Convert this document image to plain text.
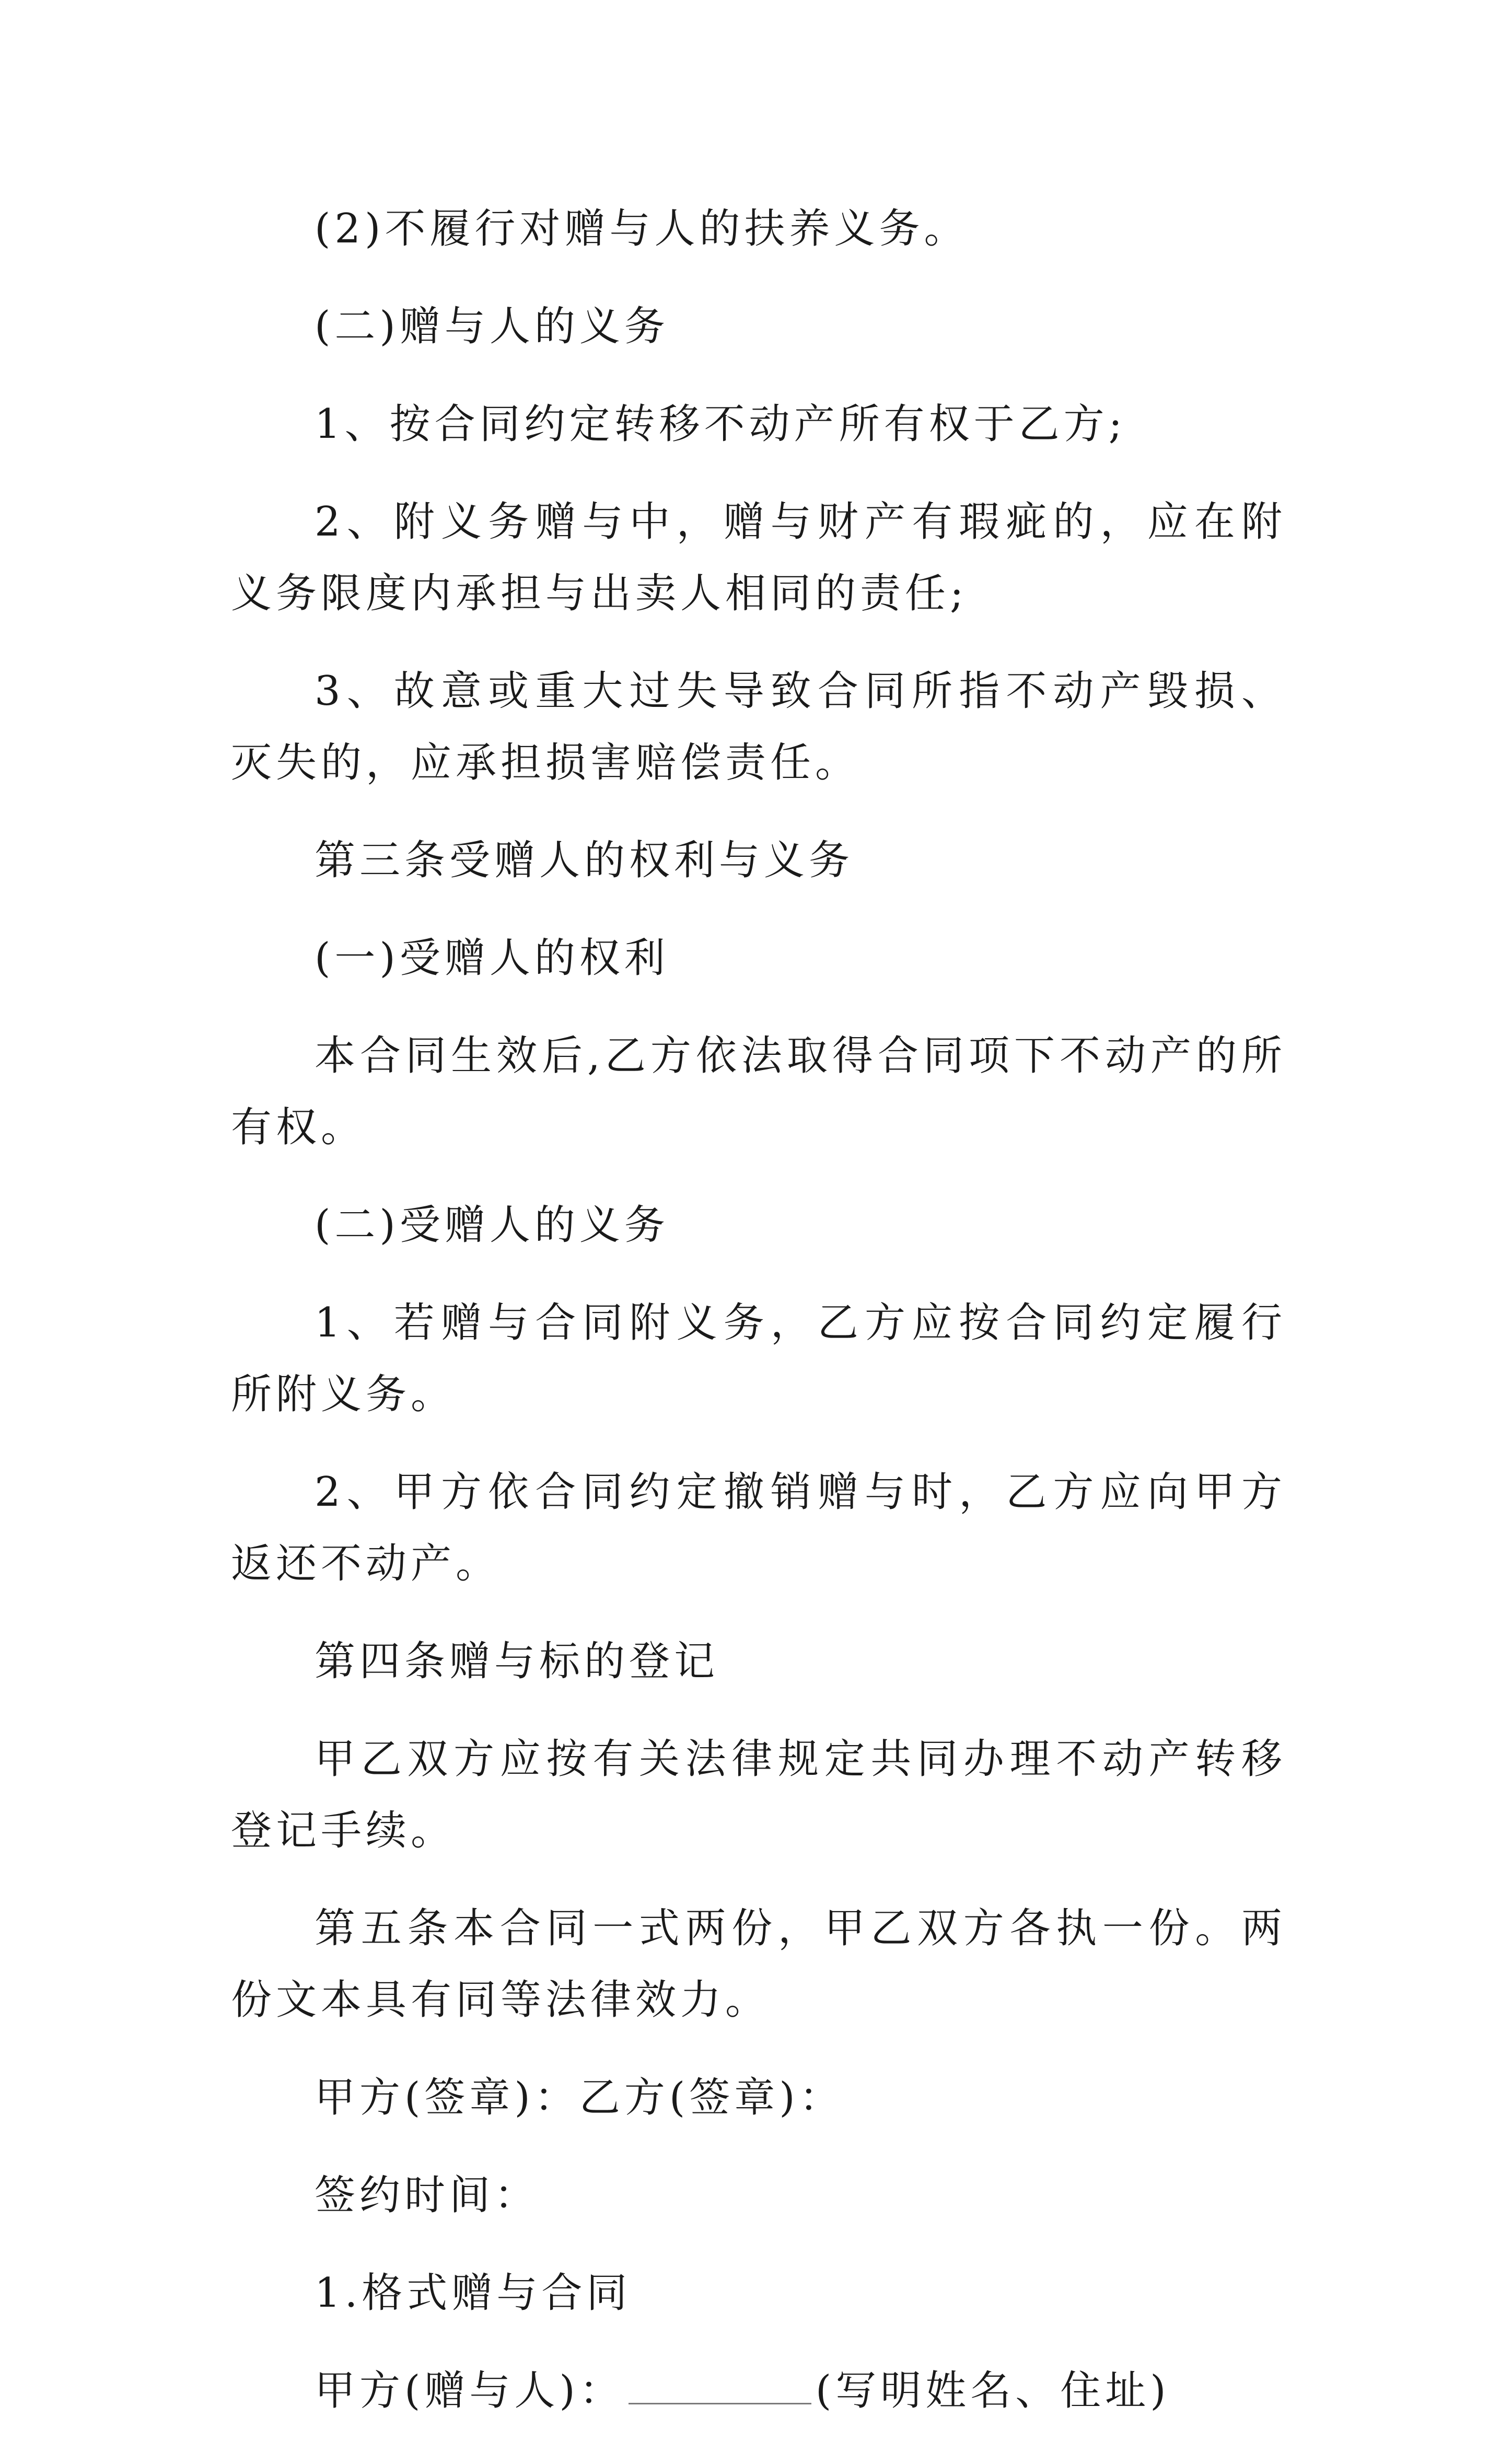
(2)不履行对赠与人的扶养义务。

(二)赠与人的义务

1、按合同约定转移不动产所有权于乙方;

2、附义务赠与中，赠与财产有瑕疵的，应在附义务限度内承担与出卖人相同的责任;

3、故意或重大过失导致合同所指不动产毁损、灭失的，应承担损害赔偿责任。

第三条受赠人的权利与义务

(一)受赠人的权利

本合同生效后,乙方依法取得合同项下不动产的所有权。

(二)受赠人的义务

1、若赠与合同附义务，乙方应按合同约定履行所附义务。

2、甲方依合同约定撤销赠与时，乙方应向甲方返还不动产。

第四条赠与标的登记

甲乙双方应按有关法律规定共同办理不动产转移登记手续。

第五条本合同一式两份，甲乙双方各执一份。两份文本具有同等法律效力。

甲方(签章)：乙方(签章)：

签约时间：

1.格式赠与合同

甲方(赠与人)：	(写明姓名、住址)
